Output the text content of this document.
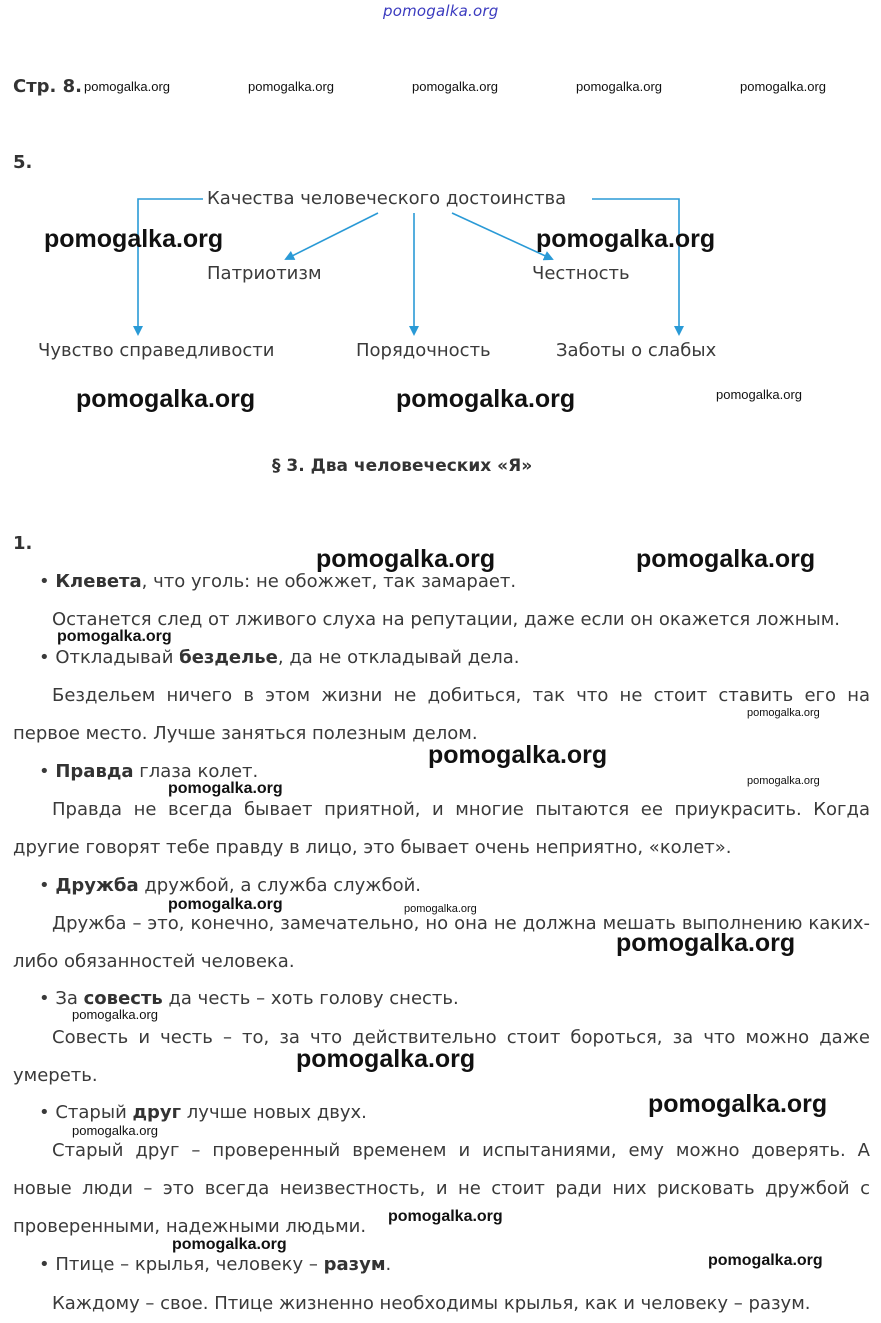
pomogalka.org
Стр. 8. pomogalka.org	pomogalka.org	pomogalka.org	pomogalka.org	pomogalka.org
5.
Качества человеческого достоинства
Патриотизм	Честность
Чувство справедливости	Порядочность	Заботы о слабых
pomogalka.org	pomogalka.org
pomogalka.org	pomogalka.org	pomogalka.org
§ 3. Два человеческих «Я»
1.
• Клевета, что уголь: не обожжет, так замарает.
Останется след от лживого слуха на репутации, даже если он окажется ложным.
• Откладывай безделье, да не откладывай дела.
Бездельем ничего в этом жизни не добиться, так что не стоит ставить его на первое место. Лучше заняться полезным делом.
• Правда глаза колет.
Правда не всегда бывает приятной, и многие пытаются ее приукрасить. Когда другие говорят тебе правду в лицо, это бывает очень неприятно, «колет».
• Дружба дружбой, а служба службой.
Дружба – это, конечно, замечательно, но она не должна мешать выполнению каких-либо обязанностей человека.
• За совесть да честь – хоть голову снесть.
Совесть и честь – то, за что действительно стоит бороться, за что можно даже умереть.
• Старый друг лучше новых двух.
Старый друг – проверенный временем и испытаниями, ему можно доверять. А новые люди – это всегда неизвестность, и не стоит ради них рисковать дружбой с проверенными, надежными людьми.
• Птице – крылья, человеку – разум.
Каждому – свое. Птице жизненно необходимы крылья, как и человеку – разум.
pomogalka.org	pomogalka.org
pomogalka.org
pomogalka.org
pomogalka.org
pomogalka.org	pomogalka.org
pomogalka.org	pomogalka.org
pomogalka.org
pomogalka.org
pomogalka.org
pomogalka.org
pomogalka.org
pomogalka.org
pomogalka.org
pomogalka.org
